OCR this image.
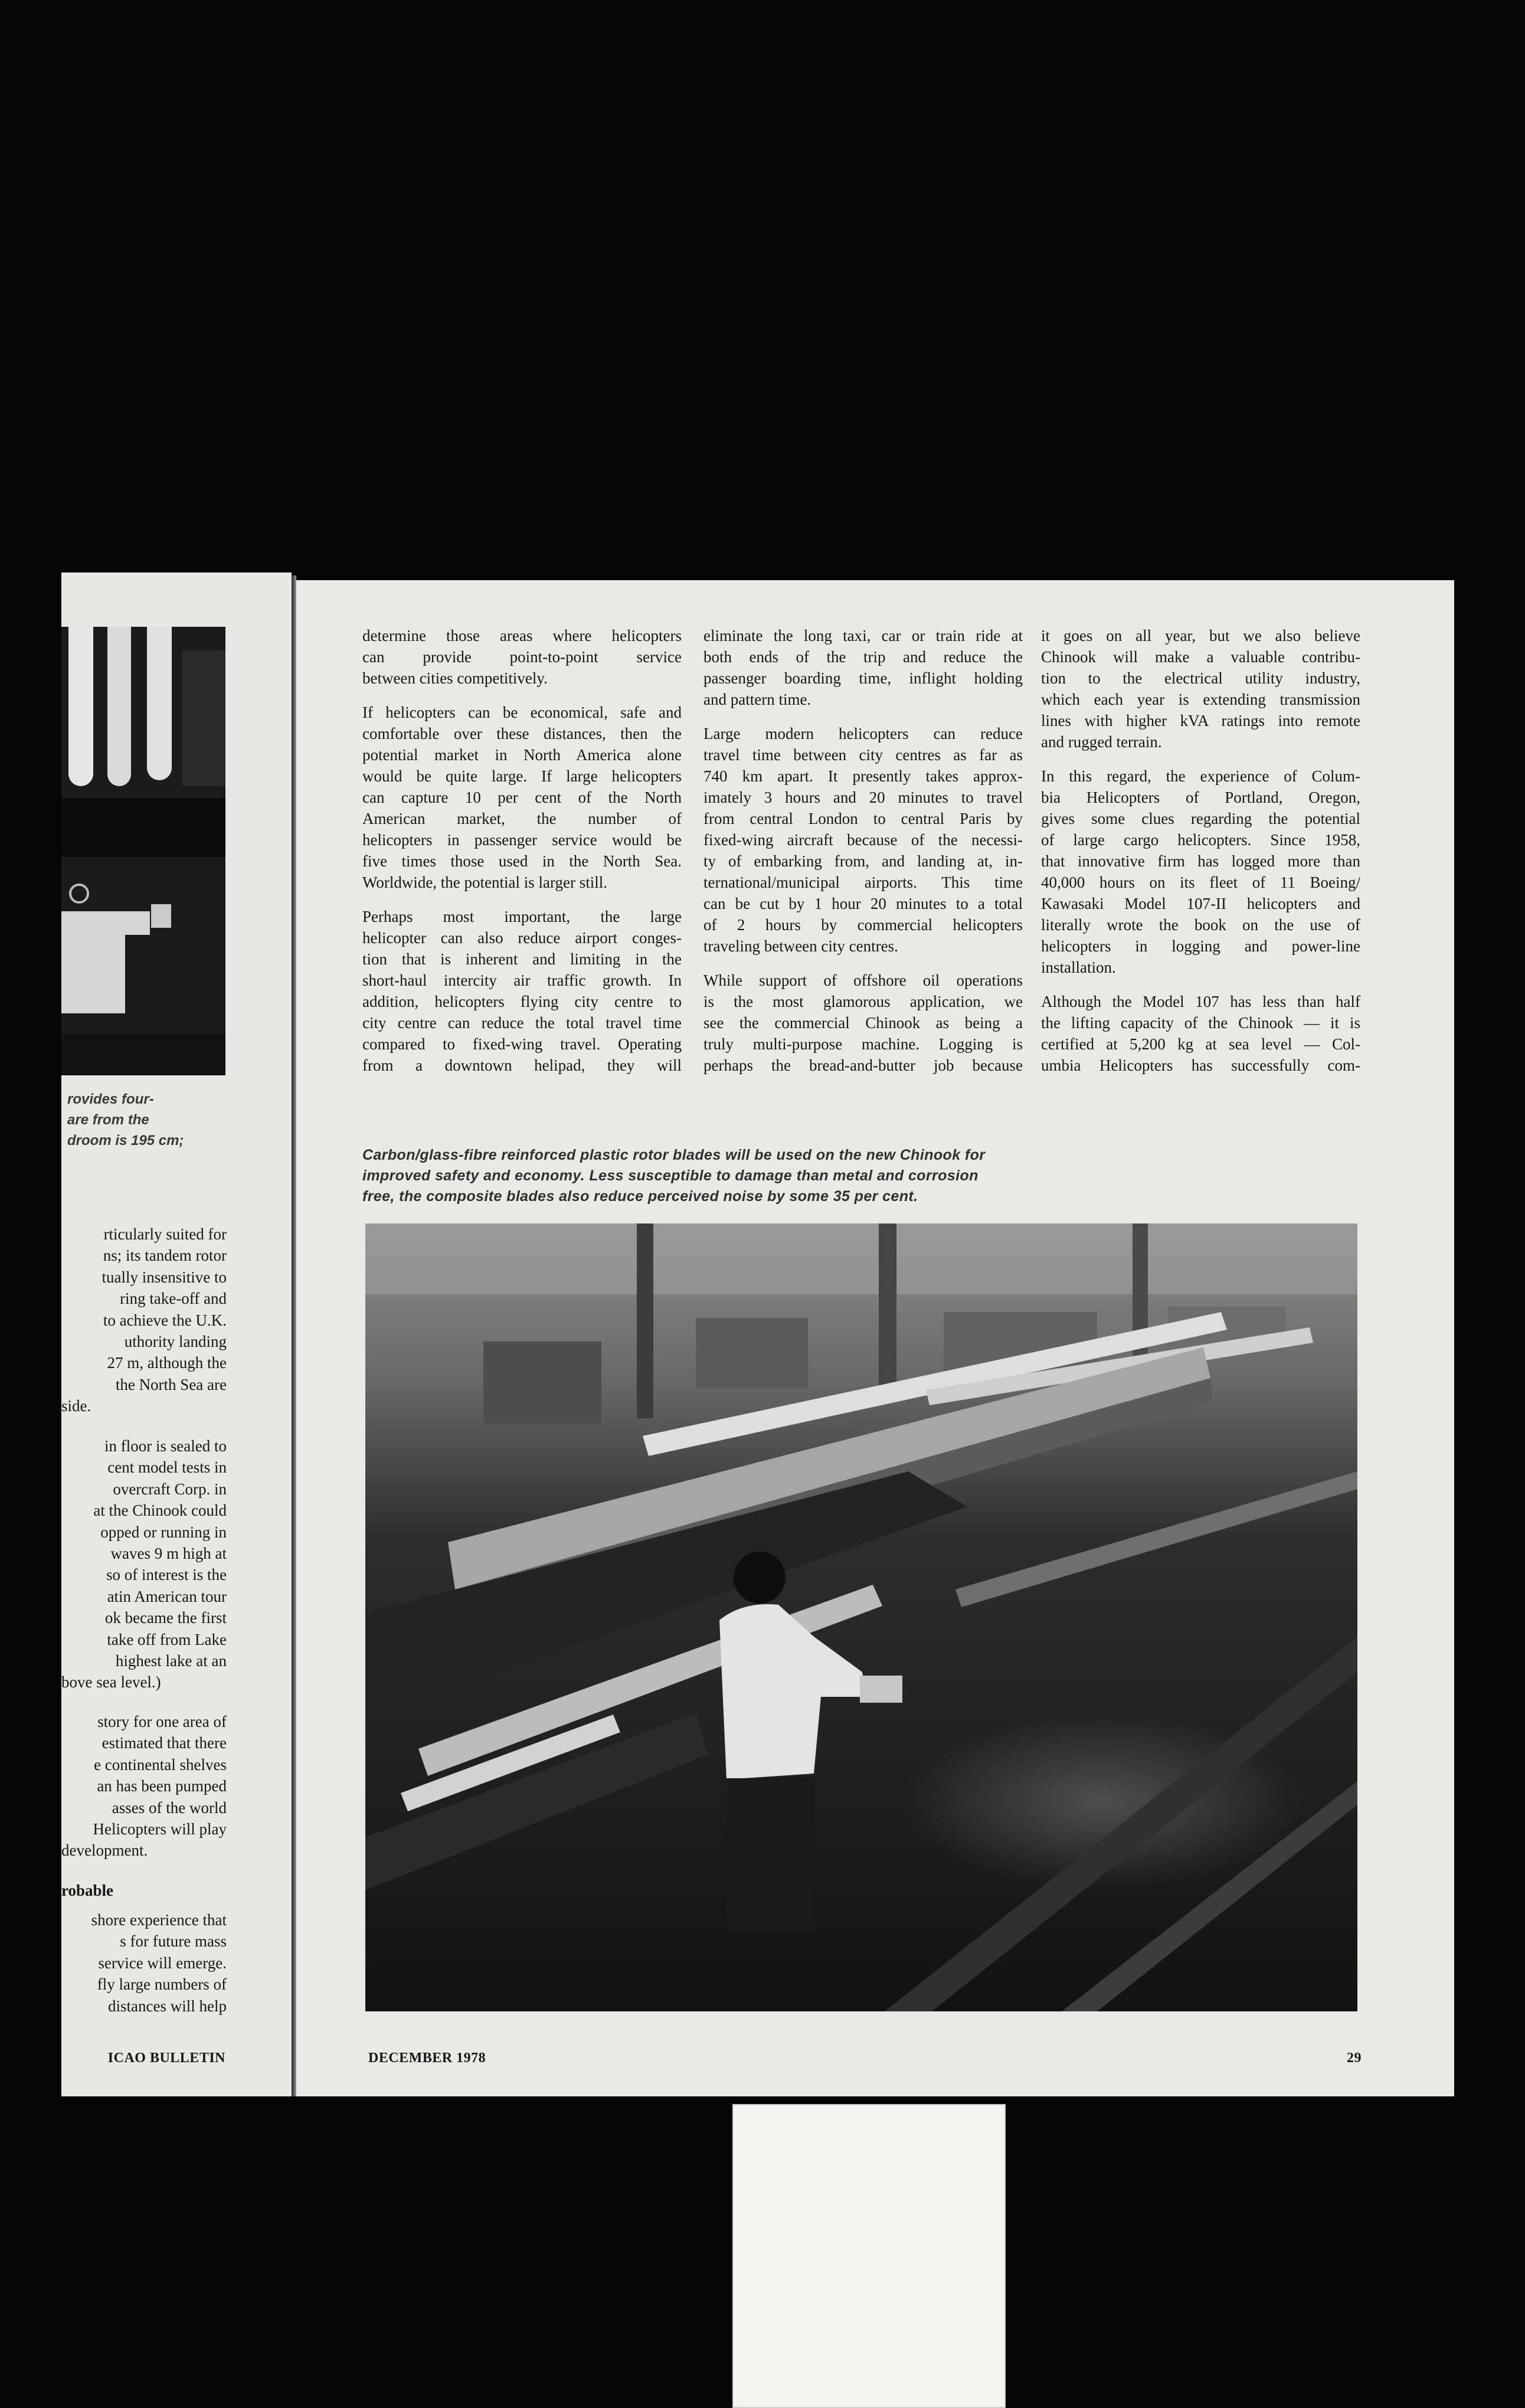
rovides four-
are from the
droom is 195 cm;
rticularly suited for
ns; its tandem rotor
tually insensitive to
ring take-off and
to achieve the U.K.
uthority landing
27 m, although the
the North Sea are
side.
in floor is sealed to
cent model tests in
overcraft Corp. in
at the Chinook could
opped or running in
waves 9 m high at
so of interest is the
atin American tour
ok became the first
take off from Lake
highest lake at an
bove sea level.)
story for one area of
estimated that there
e continental shelves
an has been pumped
asses of the world
Helicopters will play
development.
robable
shore experience that
s for future mass
service will emerge.
fly large numbers of
distances will help
determine those areas where helicopters
can provide point-to-point service
between cities competitively.
If helicopters can be economical, safe and
comfortable over these distances, then the
potential market in North America alone
would be quite large. If large helicopters
can capture 10 per cent of the North
American market, the number of
helicopters in passenger service would be
five times those used in the North Sea.
Worldwide, the potential is larger still.
Perhaps most important, the large
helicopter can also reduce airport conges-
tion that is inherent and limiting in the
short-haul intercity air traffic growth. In
addition, helicopters flying city centre to
city centre can reduce the total travel time
compared to fixed-wing travel. Operating
from a downtown helipad, they will
eliminate the long taxi, car or train ride at
both ends of the trip and reduce the
passenger boarding time, inflight holding
and pattern time.
Large modern helicopters can reduce
travel time between city centres as far as
740 km apart. It presently takes approx-
imately 3 hours and 20 minutes to travel
from central London to central Paris by
fixed-wing aircraft because of the necessi-
ty of embarking from, and landing at, in-
ternational/municipal airports. This time
can be cut by 1 hour 20 minutes to a total
of 2 hours by commercial helicopters
traveling between city centres.
While support of offshore oil operations
is the most glamorous application, we
see the commercial Chinook as being a
truly multi-purpose machine. Logging is
perhaps the bread-and-butter job because
it goes on all year, but we also believe
Chinook will make a valuable contribu-
tion to the electrical utility industry,
which each year is extending transmission
lines with higher kVA ratings into remote
and rugged terrain.
In this regard, the experience of Colum-
bia Helicopters of Portland, Oregon,
gives some clues regarding the potential
of large cargo helicopters. Since 1958,
that innovative firm has logged more than
40,000 hours on its fleet of 11 Boeing/
Kawasaki Model 107-II helicopters and
literally wrote the book on the use of
helicopters in logging and power-line
installation.
Although the Model 107 has less than half
the lifting capacity of the Chinook — it is
certified at 5,200 kg at sea level — Col-
umbia Helicopters has successfully com-
Carbon/glass-fibre reinforced plastic rotor blades will be used on the new Chinook for
improved safety and economy. Less susceptible to damage than metal and corrosion
free, the composite blades also reduce perceived noise by some 35 per cent.
ICAO BULLETIN	DECEMBER 1978	29
